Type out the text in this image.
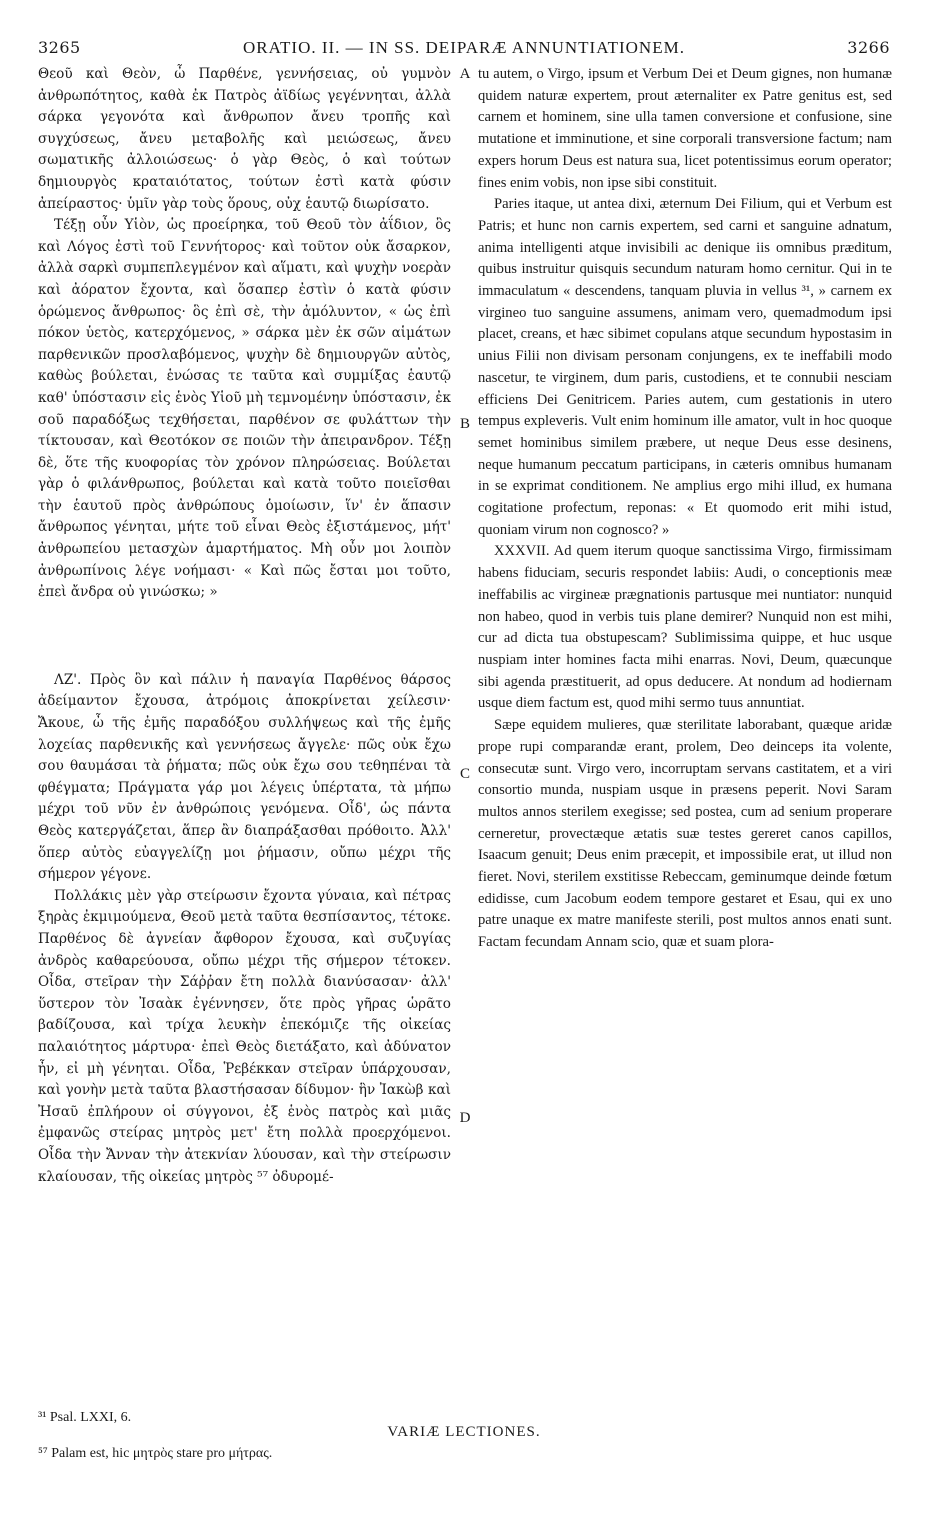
3265	ORATIO. II. — IN SS. DEIPARÆ ANNUNTIATIONEM.	3266

Θεοῦ καὶ Θεὸν, ὦ Παρθένε, γεννήσειας, οὐ γυμνὸν ἀνθρωπότητος, καθὰ ἐκ Πατρὸς ἀϊδίως γεγέννηται, ἀλλὰ σάρκα γεγονότα καὶ ἄνθρωπον ἄνευ τροπῆς καὶ συγχύσεως, ἄνευ μεταβολῆς καὶ μειώσεως, ἄνευ σωματικῆς ἀλλοιώσεως· ὁ γὰρ Θεὸς, ὁ καὶ τούτων δημιουργὸς κραταιότατος, τούτων ἐστὶ κατὰ φύσιν ἀπείραστος· ὑμῖν γὰρ τοὺς ὅρους, οὐχ ἑαυτῷ διωρίσατο.

Τέξῃ οὖν Υἱὸν, ὡς προείρηκα, τοῦ Θεοῦ τὸν ἀΐδιον, ὃς καὶ Λόγος ἐστὶ τοῦ Γεννήτορος· καὶ τοῦτον οὐκ ἄσαρκον, ἀλλὰ σαρκὶ συμπεπλεγμένον καὶ αἵματι, καὶ ψυχὴν νοερὰν καὶ ἀόρατον ἔχοντα, καὶ ὅσαπερ ἐστὶν ὁ κατὰ φύσιν ὁρώμενος ἄνθρωπος· ὃς ἐπὶ σὲ, τὴν ἀμόλυντον, « ὡς ἐπὶ πόκον ὑετὸς, κατερχόμενος, » σάρκα μὲν ἐκ σῶν αἱμάτων παρθενικῶν προσλαβόμενος, ψυχὴν δὲ δημιουργῶν αὐτὸς, καθὼς βούλεται, ἑνώσας τε ταῦτα καὶ συμμίξας ἑαυτῷ καθ' ὑπόστασιν εἰς ἑνὸς Υἱοῦ μὴ τεμνομένην ὑπόστασιν, ἐκ σοῦ παραδόξως τεχθήσεται, παρθένον σε φυλάττων τὴν τίκτουσαν, καὶ Θεοτόκον σε ποιῶν τὴν ἀπειρανδρον. Τέξῃ δὲ, ὅτε τῆς κυοφορίας τὸν χρόνον πληρώσειας. Βούλεται γὰρ ὁ φιλάνθρωπος, βούλεται καὶ κατὰ τοῦτο ποιεῖσθαι τὴν ἑαυτοῦ πρὸς ἀνθρώπους ὁμοίωσιν, ἵν' ἐν ἅπασιν ἄνθρωπος γένηται, μήτε τοῦ εἶναι Θεὸς ἐξιστάμενος, μήτ' ἀνθρωπείου μετασχὼν ἁμαρτήματος. Μὴ οὖν μοι λοιπὸν ἀνθρωπίνοις λέγε νοήμασι· « Καὶ πῶς ἔσται μοι τοῦτο, ἐπεὶ ἄνδρα οὐ γινώσκω; »

ΛΖ'. Πρὸς ὃν καὶ πάλιν ἡ παναγία Παρθένος θάρσος ἀδείμαντον ἔχουσα, ἀτρόμοις ἀποκρίνεται χείλεσιν· Ἄκουε, ὦ τῆς ἐμῆς παραδόξου συλλήψεως καὶ τῆς ἐμῆς λοχείας παρθενικῆς καὶ γεννήσεως ἄγγελε· πῶς οὐκ ἔχω σου θαυμάσαι τὰ ῥήματα; πῶς οὐκ ἔχω σου τεθηπέναι τὰ φθέγματα; Πράγματα γάρ μοι λέγεις ὑπέρτατα, τὰ μήπω μέχρι τοῦ νῦν ἐν ἀνθρώποις γενόμενα. Οἶδ', ὡς πάντα Θεὸς κατεργάζεται, ἅπερ ἂν διαπράξασθαι πρόθοιτο. Ἀλλ' ὅπερ αὐτὸς εὐαγγελίζῃ μοι ῥήμασιν, οὔπω μέχρι τῆς σήμερον γέγονε.

Πολλάκις μὲν γὰρ στείρωσιν ἔχοντα γύναια, καὶ πέτρας ξηρὰς ἐκμιμούμενα, Θεοῦ μετὰ ταῦτα θεσπίσαντος, τέτοκε. Παρθένος δὲ ἀγνείαν ἄφθορον ἔχουσα, καὶ συζυγίας ἀνδρὸς καθαρεύουσα, οὔπω μέχρι τῆς σήμερον τέτοκεν. Οἶδα, στεῖραν τὴν Σάῤῥαν ἔτη πολλὰ διανύσασαν· ἀλλ' ὕστερον τὸν Ἰσαὰκ ἐγέννησεν, ὅτε πρὸς γῆρας ὡρᾶτο βαδίζουσα, καὶ τρίχα λευκὴν ἐπεκόμιζε τῆς οἰκείας παλαιότητος μάρτυρα· ἐπεὶ Θεὸς διετάξατο, καὶ ἀδύνατον ἦν, εἰ μὴ γένηται. Οἶδα, Ῥεβέκκαν στεῖραν ὑπάρχουσαν, καὶ γονὴν μετὰ ταῦτα βλαστήσασαν δίδυμον· ἣν Ἰακὼβ καὶ Ἠσαῦ ἐπλήρουν οἱ σύγγονοι, ἐξ ἑνὸς πατρὸς καὶ μιᾶς ἐμφανῶς στείρας μητρὸς μετ' ἔτη πολλὰ προερχόμενοι. Οἶδα τὴν Ἄνναν τὴν ἀτεκνίαν λύουσαν, καὶ τὴν στείρωσιν κλαίουσαν, τῆς οἰκείας μητρὸς ⁵⁷ ὀδυρομέ-

A
B
C
D

tu autem, o Virgo, ipsum et Verbum Dei et Deum gignes, non humanæ quidem naturæ expertem, prout æternaliter ex Patre genitus est, sed carnem et hominem, sine ulla tamen conversione et confusione, sine mutatione et imminutione, et sine corporali transversione factum; nam expers horum Deus est natura sua, licet potentissimus eorum operator; fines enim vobis, non ipse sibi constituit.

Paries itaque, ut antea dixi, æternum Dei Filium, qui et Verbum est Patris; et hunc non carnis expertem, sed carni et sanguine adnatum, anima intelligenti atque invisibili ac denique iis omnibus præditum, quibus instruitur quisquis secundum naturam homo cernitur. Qui in te immaculatum « descendens, tanquam pluvia in vellus ³¹, » carnem ex virgineo tuo sanguine assumens, animam vero, quemadmodum ipsi placet, creans, et hæc sibimet copulans atque secundum hypostasim in unius Filii non divisam personam conjungens, ex te ineffabili modo nascetur, te virginem, dum paris, custodiens, et te connubii nesciam efficiens Dei Genitricem. Paries autem, cum gestationis in utero tempus expleveris. Vult enim hominum ille amator, vult in hoc quoque semet hominibus similem præbere, ut neque Deus esse desinens, neque humanum peccatum participans, in cæteris omnibus humanam in se exprimat conditionem. Ne amplius ergo mihi illud, ex humana cogitatione profectum, reponas: « Et quomodo erit mihi istud, quoniam virum non cognosco? »

XXXVII. Ad quem iterum quoque sanctissima Virgo, firmissimam habens fiduciam, securis respondet labiis: Audi, o conceptionis meæ ineffabilis ac virgineæ prægnationis partusque mei nuntiator: nunquid non habeo, quod in verbis tuis plane demirer? Nunquid non est mihi, cur ad dicta tua obstupescam? Sublimissima quippe, et huc usque nuspiam inter homines facta mihi enarras. Novi, Deum, quæcunque sibi agenda præstituerit, ad opus deducere. At nondum ad hodiernam usque diem factum est, quod mihi sermo tuus annuntiat.

Sæpe equidem mulieres, quæ sterilitate laborabant, quæque aridæ prope rupi comparandæ erant, prolem, Deo deinceps ita volente, consecutæ sunt. Virgo vero, incorruptam servans castitatem, et a viri consortio munda, nuspiam usque in præsens peperit. Novi Saram multos annos sterilem exegisse; sed postea, cum ad senium properare cerneretur, provectæque ætatis suæ testes gereret canos capillos, Isaacum genuit; Deus enim præcepit, et impossibile erat, ut illud non fieret. Novi, sterilem exstitisse Rebeccam, geminumque deinde fœtum edidisse, cum Jacobum eodem tempore gestaret et Esau, qui ex uno patre unaque ex matre manifeste sterili, post multos annos enati sunt. Factam fecundam Annam scio, quæ et suam plora-

³¹ Psal. LXXI, 6.
VARIÆ LECTIONES.
⁵⁷ Palam est, hic μητρὸς stare pro μήτρας.
